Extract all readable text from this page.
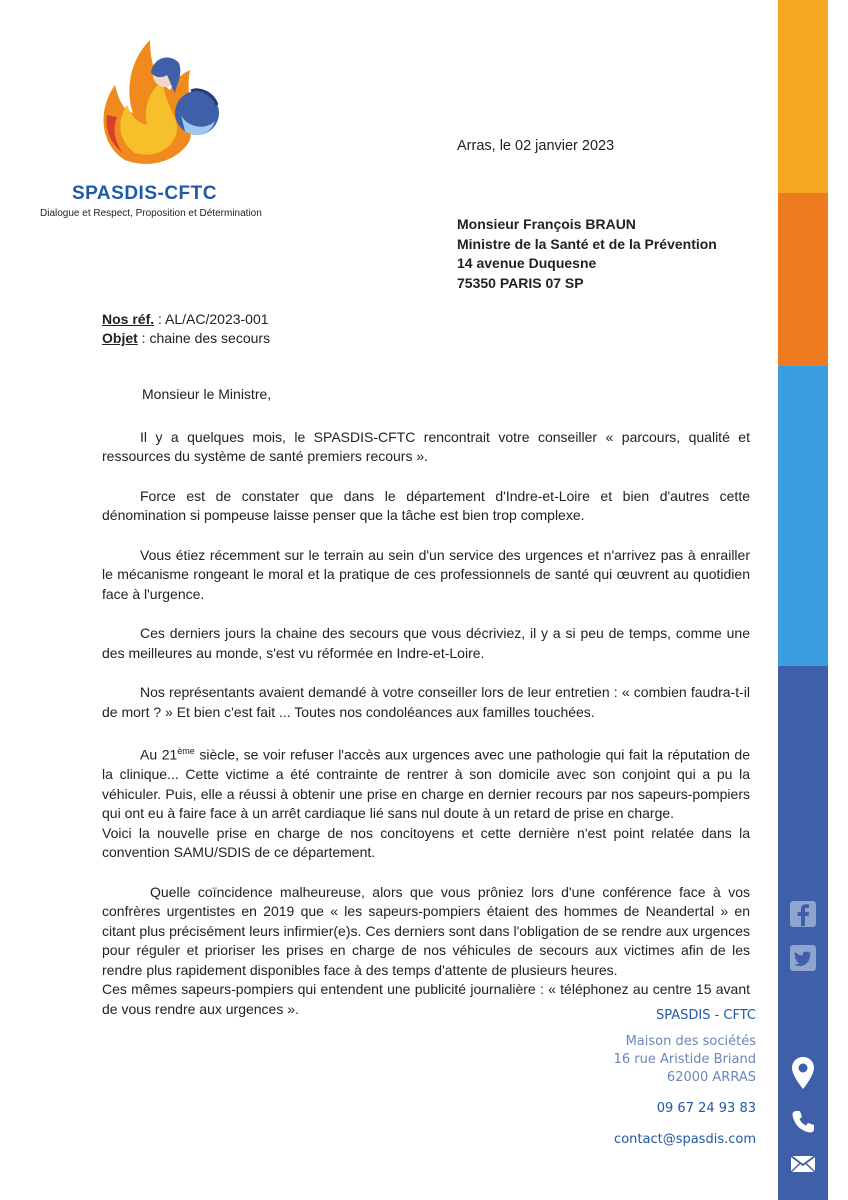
SPASDIS-CFTC
Dialogue et Respect, Proposition et Détermination
Arras, le 02 janvier 2023
Monsieur François BRAUN
Ministre de la Santé et de la Prévention
14 avenue Duquesne
75350 PARIS 07 SP
Nos réf. : AL/AC/2023-001
Objet : chaine des secours

Monsieur le Ministre,

Il y a quelques mois, le SPASDIS-CFTC rencontrait votre conseiller « parcours, qualité et ressources du système de santé premiers recours ».

Force est de constater que dans le département d'Indre-et-Loire et bien d'autres cette dénomination si pompeuse laisse penser que la tâche est bien trop complexe.

Vous étiez récemment sur le terrain au sein d'un service des urgences et n'arrivez pas à enrailler le mécanisme rongeant le moral et la pratique de ces professionnels de santé qui œuvrent au quotidien face à l'urgence.

Ces derniers jours la chaine des secours que vous décriviez, il y a si peu de temps, comme une des meilleures au monde, s'est vu réformée en Indre-et-Loire.

Nos représentants avaient demandé à votre conseiller lors de leur entretien : « combien faudra-t-il de mort ? » Et bien c'est fait ... Toutes nos condoléances aux familles touchées.

Au 21ème siècle, se voir refuser l'accès aux urgences avec une pathologie qui fait la réputation de la clinique... Cette victime a été contrainte de rentrer à son domicile avec son conjoint qui a pu la véhiculer. Puis, elle a réussi à obtenir une prise en charge en dernier recours par nos sapeurs-pompiers qui ont eu à faire face à un arrêt cardiaque lié sans nul doute à un retard de prise en charge.

Voici la nouvelle prise en charge de nos concitoyens et cette dernière n'est point relatée dans la convention SAMU/SDIS de ce département.

Quelle coïncidence malheureuse, alors que vous prôniez lors d'une conférence face à vos confrères urgentistes en 2019 que « les sapeurs-pompiers étaient des hommes de Neandertal » en citant plus précisément leurs infirmier(e)s. Ces derniers sont dans l'obligation de se rendre aux urgences pour réguler et prioriser les prises en charge de nos véhicules de secours aux victimes afin de les rendre plus rapidement disponibles face à des temps d'attente de plusieurs heures.

Ces mêmes sapeurs-pompiers qui entendent une publicité journalière : « téléphonez au centre 15 avant de vous rendre aux urgences ».	SPASDIS - CFTC
Maison des sociétés
16 rue Aristide Briand
62000 ARRAS
09 67 24 93 83
contact@spasdis.com
